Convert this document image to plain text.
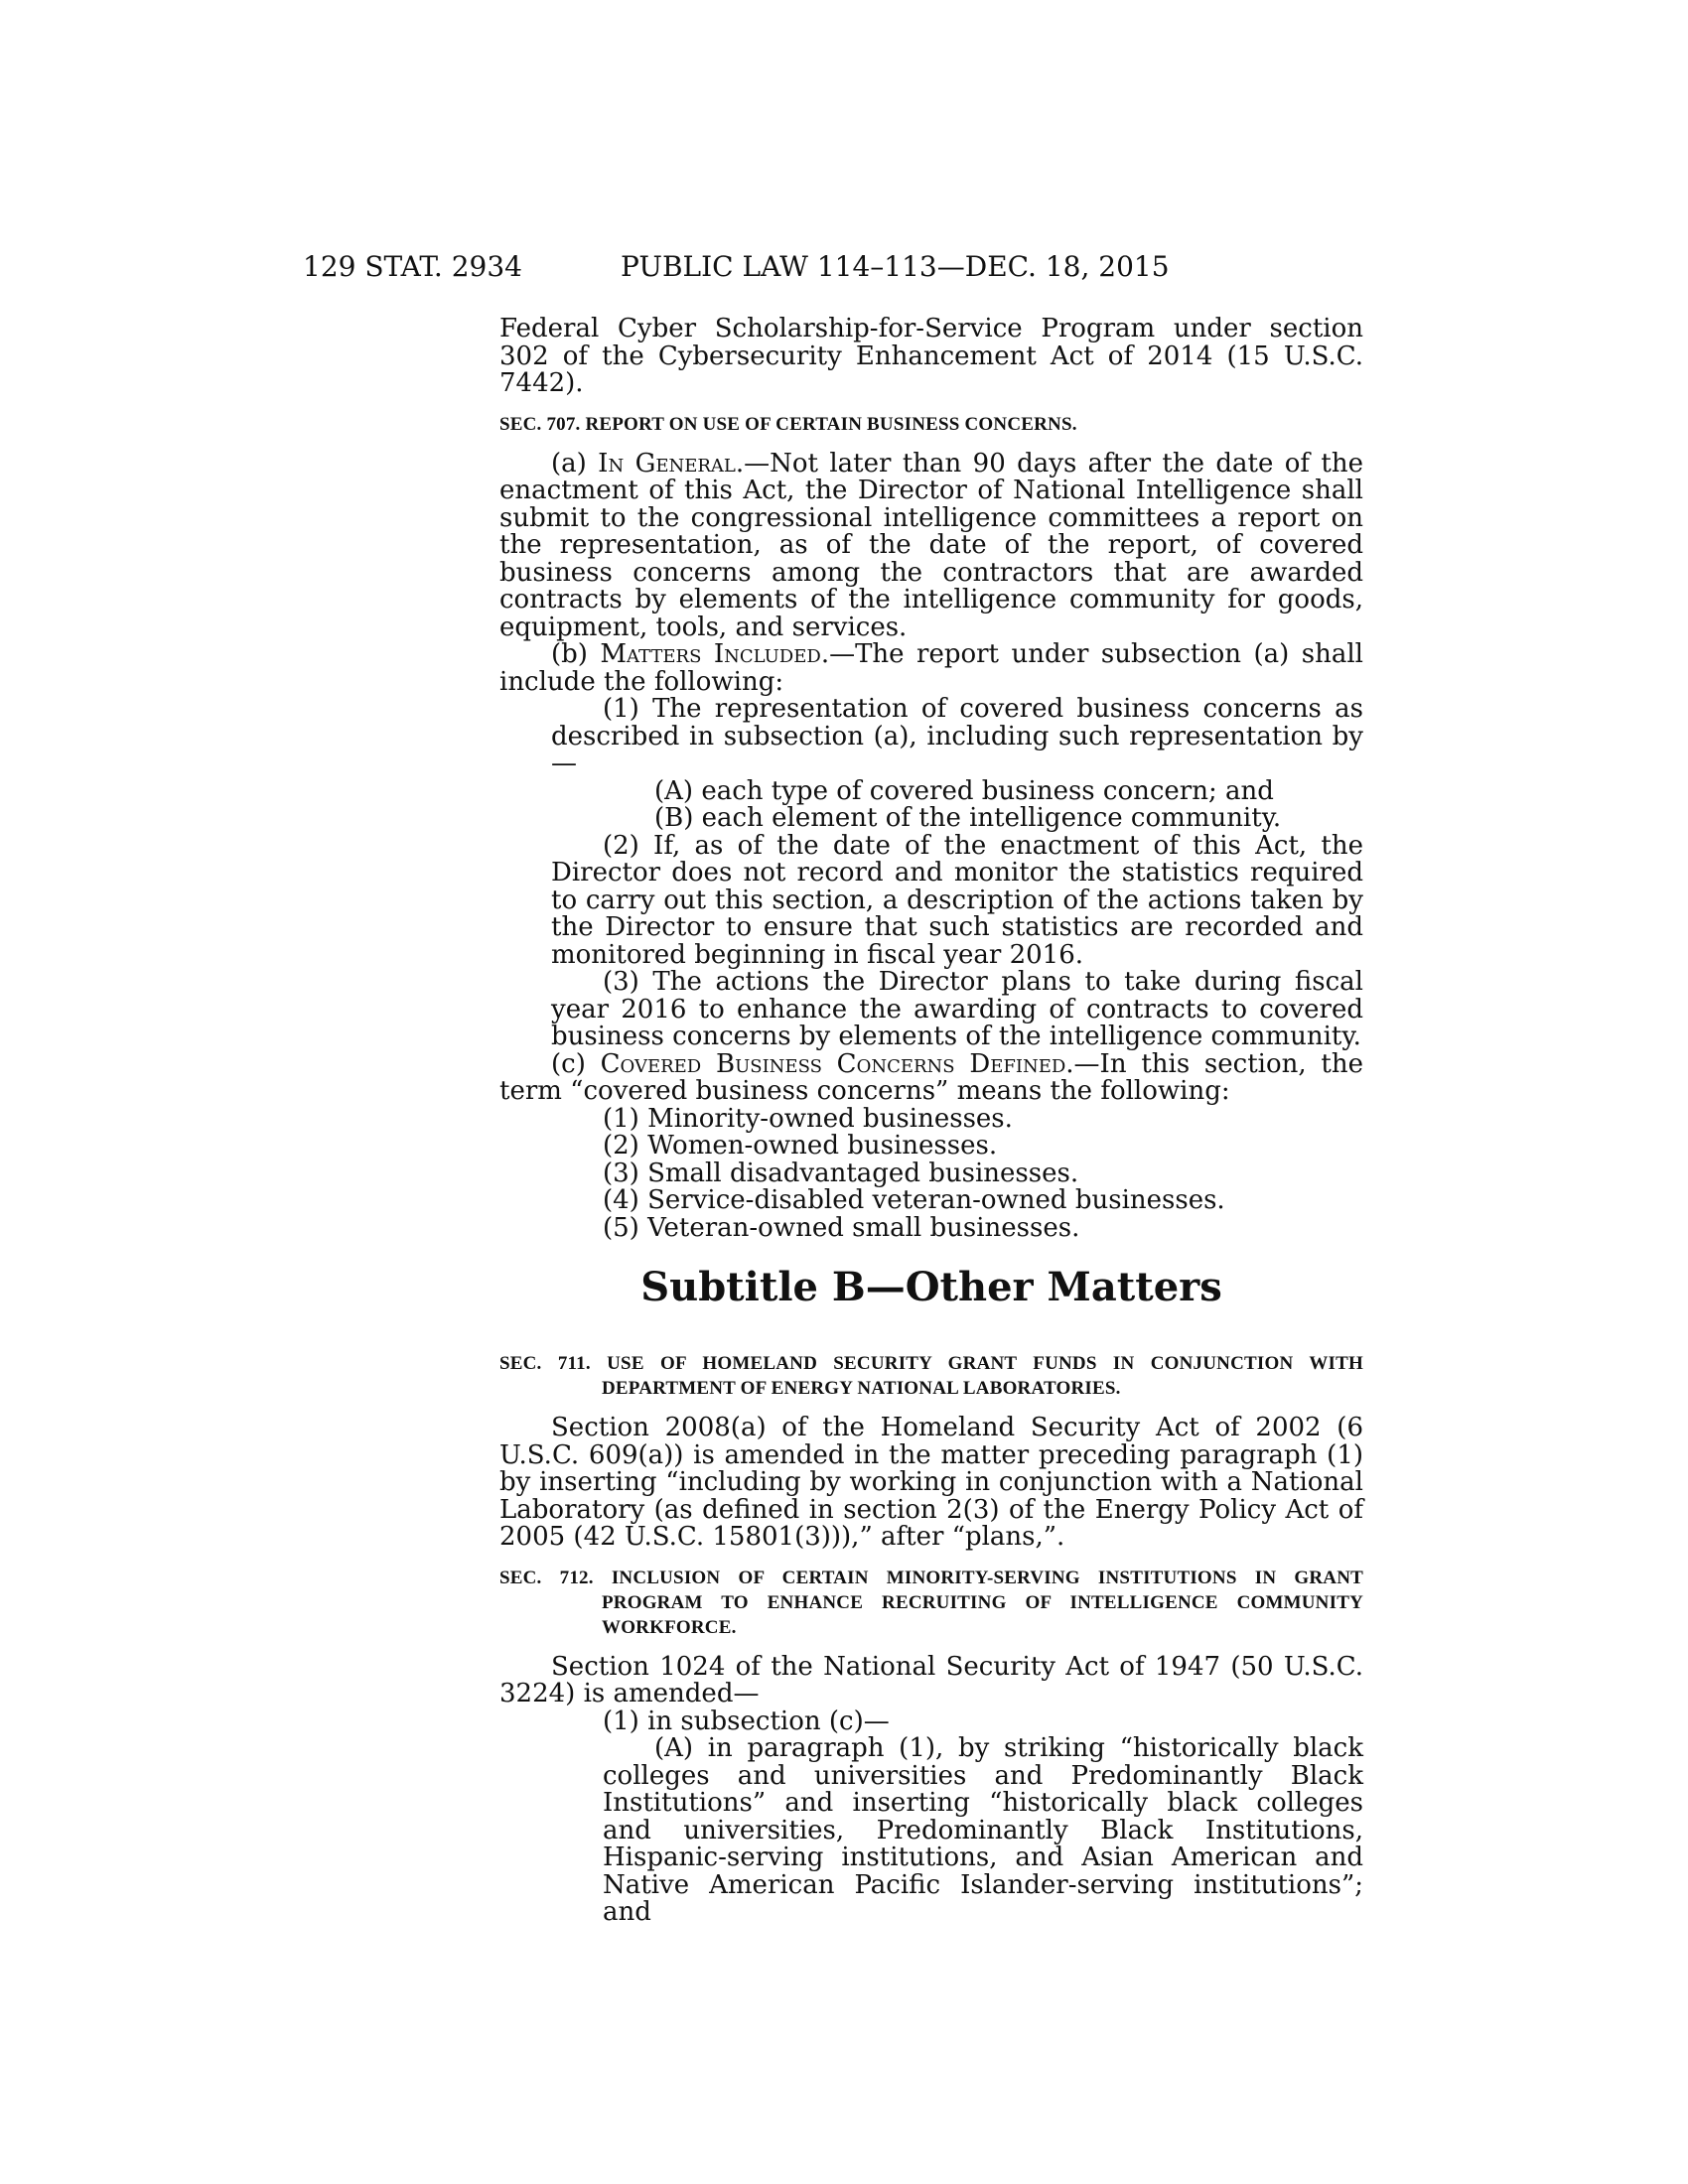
129 STAT. 2934	PUBLIC LAW 114–113—DEC. 18, 2015

Federal Cyber Scholarship-for-Service Program under section 302 of the Cybersecurity Enhancement Act of 2014 (15 U.S.C. 7442).

SEC. 707. REPORT ON USE OF CERTAIN BUSINESS CONCERNS.

(a) In General.—Not later than 90 days after the date of the enactment of this Act, the Director of National Intelligence shall submit to the congressional intelligence committees a report on the representation, as of the date of the report, of covered business concerns among the contractors that are awarded contracts by elements of the intelligence community for goods, equipment, tools, and services.

(b) Matters Included.—The report under subsection (a) shall include the following:

(1) The representation of covered business concerns as described in subsection (a), including such representation by—

(A) each type of covered business concern; and

(B) each element of the intelligence community.

(2) If, as of the date of the enactment of this Act, the Director does not record and monitor the statistics required to carry out this section, a description of the actions taken by the Director to ensure that such statistics are recorded and monitored beginning in fiscal year 2016.

(3) The actions the Director plans to take during fiscal year 2016 to enhance the awarding of contracts to covered business concerns by elements of the intelligence community.

(c) Covered Business Concerns Defined.—In this section, the term “covered business concerns” means the following:

(1) Minority-owned businesses.

(2) Women-owned businesses.

(3) Small disadvantaged businesses.

(4) Service-disabled veteran-owned businesses.

(5) Veteran-owned small businesses.

Subtitle B—Other Matters

SEC. 711. USE OF HOMELAND SECURITY GRANT FUNDS IN CONJUNCTION WITH DEPARTMENT OF ENERGY NATIONAL LABORATORIES.

Section 2008(a) of the Homeland Security Act of 2002 (6 U.S.C. 609(a)) is amended in the matter preceding paragraph (1) by inserting “including by working in conjunction with a National Laboratory (as defined in section 2(3) of the Energy Policy Act of 2005 (42 U.S.C. 15801(3))),” after “plans,”.

SEC. 712. INCLUSION OF CERTAIN MINORITY-SERVING INSTITUTIONS IN GRANT PROGRAM TO ENHANCE RECRUITING OF INTELLIGENCE COMMUNITY WORKFORCE.

Section 1024 of the National Security Act of 1947 (50 U.S.C. 3224) is amended—

(1) in subsection (c)—

(A) in paragraph (1), by striking “historically black colleges and universities and Predominantly Black Institutions” and inserting “historically black colleges and universities, Predominantly Black Institutions, Hispanic-serving institutions, and Asian American and Native American Pacific Islander-serving institutions”; and
